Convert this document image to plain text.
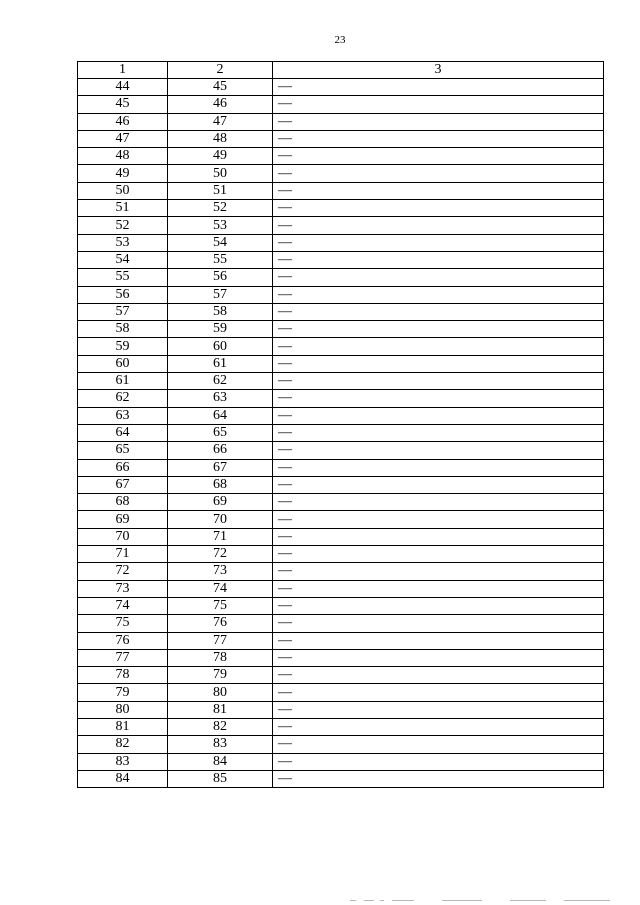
23
1	2	3
44	45	—
45	46	—
46	47	—
47	48	—
48	49	—
49	50	—
50	51	—
51	52	—
52	53	—
53	54	—
54	55	—
55	56	—
56	57	—
57	58	—
58	59	—
59	60	—
60	61	—
61	62	—
62	63	—
63	64	—
64	65	—
65	66	—
66	67	—
67	68	—
68	69	—
69	70	—
70	71	—
71	72	—
72	73	—
73	74	—
74	75	—
75	76	—
76	77	—
77	78	—
78	79	—
79	80	—
80	81	—
81	82	—
82	83	—
83	84	—
84	85	—
